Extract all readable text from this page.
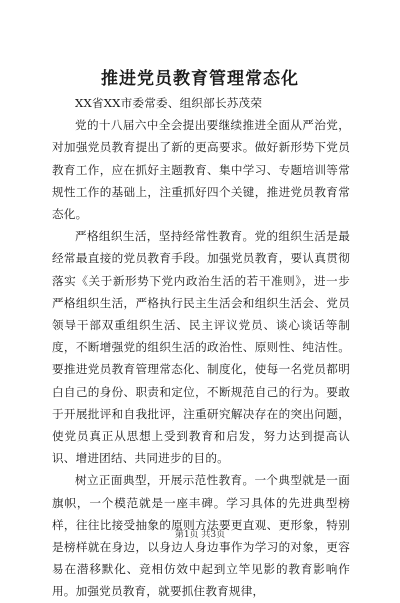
推进党员教育管理常态化
XX省XX市委常委、组织部长苏茂荣

党的十八届六中全会提出要继续推进全面从严治党，对加强党员教育提出了新的更高要求。做好新形势下党员教育工作，应在抓好主题教育、集中学习、专题培训等常规性工作的基础上，注重抓好四个关键，推进党员教育常态化。

严格组织生活，坚持经常性教育。党的组织生活是最经常最直接的党员教育手段。加强党员教育，要认真贯彻落实《关于新形势下党内政治生活的若干准则》，进一步严格组织生活，严格执行民主生活会和组织生活会、党员领导干部双重组织生活、民主评议党员、谈心谈话等制度，不断增强党的组织生活的政治性、原则性、纯洁性。要推进党员教育管理常态化、制度化，使每一名党员都明白自己的身份、职责和定位，不断规范自己的行为。要敢于开展批评和自我批评，注重研究解决存在的突出问题，使党员真正从思想上受到教育和启发，努力达到提高认识、增进团结、共同进步的目的。

树立正面典型，开展示范性教育。一个典型就是一面旗帜，一个模范就是一座丰碑。学习具体的先进典型榜样，往往比接受抽象的原则方法要更直观、更形象，特别是榜样就在身边，以身边人身边事作为学习的对象，更容易在潜移默化、竞相仿效中起到立竿见影的教育影响作用。加强党员教育，就要抓住教育规律，

第1页 共3页
